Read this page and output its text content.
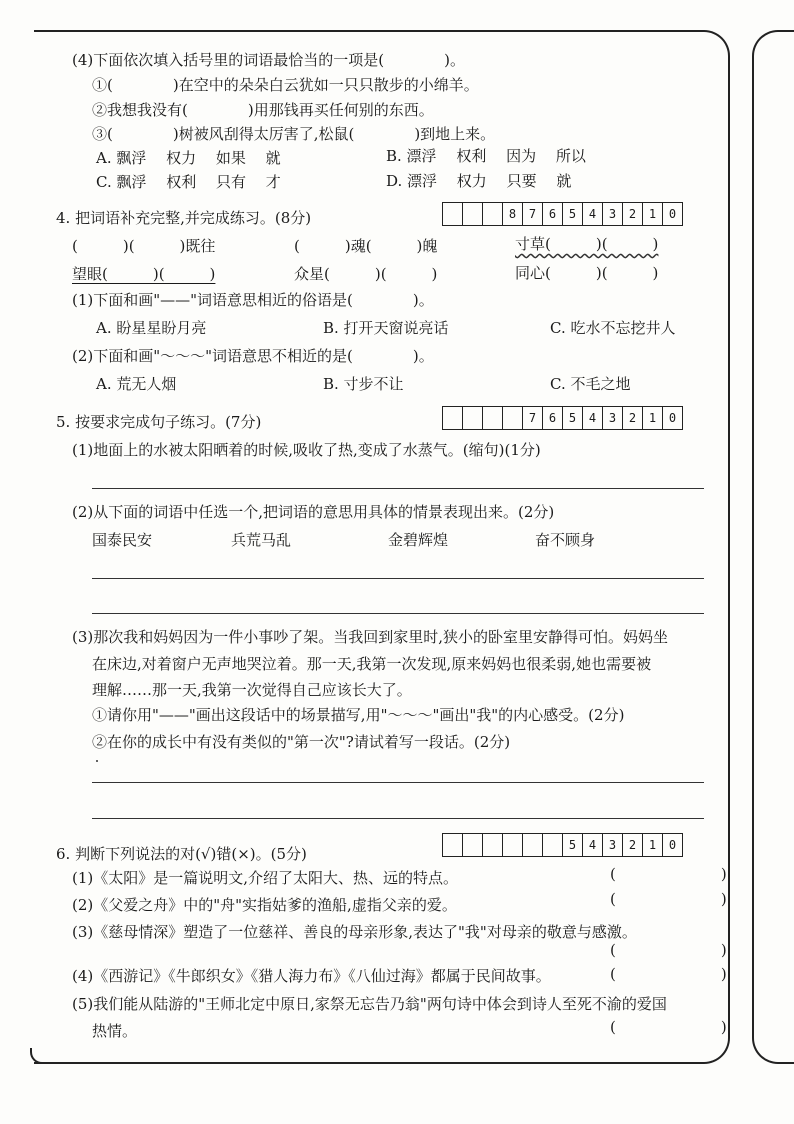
(4)下面依次填入括号里的词语最恰当的一项是(　　　　)。
①(　　　　)在空中的朵朵白云犹如一只只散步的小绵羊。
②我想我没有(　　　　)用那钱再买任何别的东西。
③(　　　　)树被风刮得太厉害了,松鼠(　　　　)到地上来。
A. 飘浮　 权力　 如果　 就	B. 漂浮　 权利　 因为　 所以
C. 飘浮　 权利　 只有　 才	D. 漂浮　 权力　 只要　 就
4. 把词语补充完整,并完成练习。(8分)	8	7	6	5	4	3	2	1	0
(　　　)(　　　)既往	(　　　)魂(　　　)魄	寸草(　　　)(　　　)
望眼(　　　)(　　　)	众星(　　　)(　　　)	同心(　　　)(　　　)
(1)下面和画"——"词语意思相近的俗语是(　　　　)。
A. 盼星星盼月亮	B. 打开天窗说亮话	C. 吃水不忘挖井人
(2)下面和画"～～～"词语意思不相近的是(　　　　)。
A. 荒无人烟	B. 寸步不让	C. 不毛之地
5. 按要求完成句子练习。(7分)	7	6	5	4	3	2	1	0
(1)地面上的水被太阳晒着的时候,吸收了热,变成了水蒸气。(缩句)(1分)
(2)从下面的词语中任选一个,把词语的意思用具体的情景表现出来。(2分)
国泰民安	兵荒马乱	金碧辉煌	奋不顾身
(3)那次我和妈妈因为一件小事吵了架。当我回到家里时,狭小的卧室里安静得可怕。妈妈坐
在床边,对着窗户无声地哭泣着。那一天,我第一次发现,原来妈妈也很柔弱,她也需要被
理解……那一天,我第一次觉得自己应该长大了。
①请你用"——"画出这段话中的场景描写,用"～～～"画出"我"的内心感受。(2分)
②在你的成长中有没有类似的"第一次"?请试着写一段话。(2分)
6. 判断下列说法的对(√)错(×)。(5分)	5	4	3	2	1	0
(1)《太阳》是一篇说明文,介绍了太阳大、热、远的特点。	(　　　　　　　)
(2)《父爱之舟》中的"舟"实指姑爹的渔船,虚指父亲的爱。	(　　　　　　　)
(3)《慈母情深》塑造了一位慈祥、善良的母亲形象,表达了"我"对母亲的敬意与感激。
(　　　　　　　)
(4)《西游记》《牛郎织女》《猎人海力布》《八仙过海》都属于民间故事。	(　　　　　　　)
(5)我们能从陆游的"王师北定中原日,家祭无忘告乃翁"两句诗中体会到诗人至死不渝的爱国
热情。	(　　　　　　　)
